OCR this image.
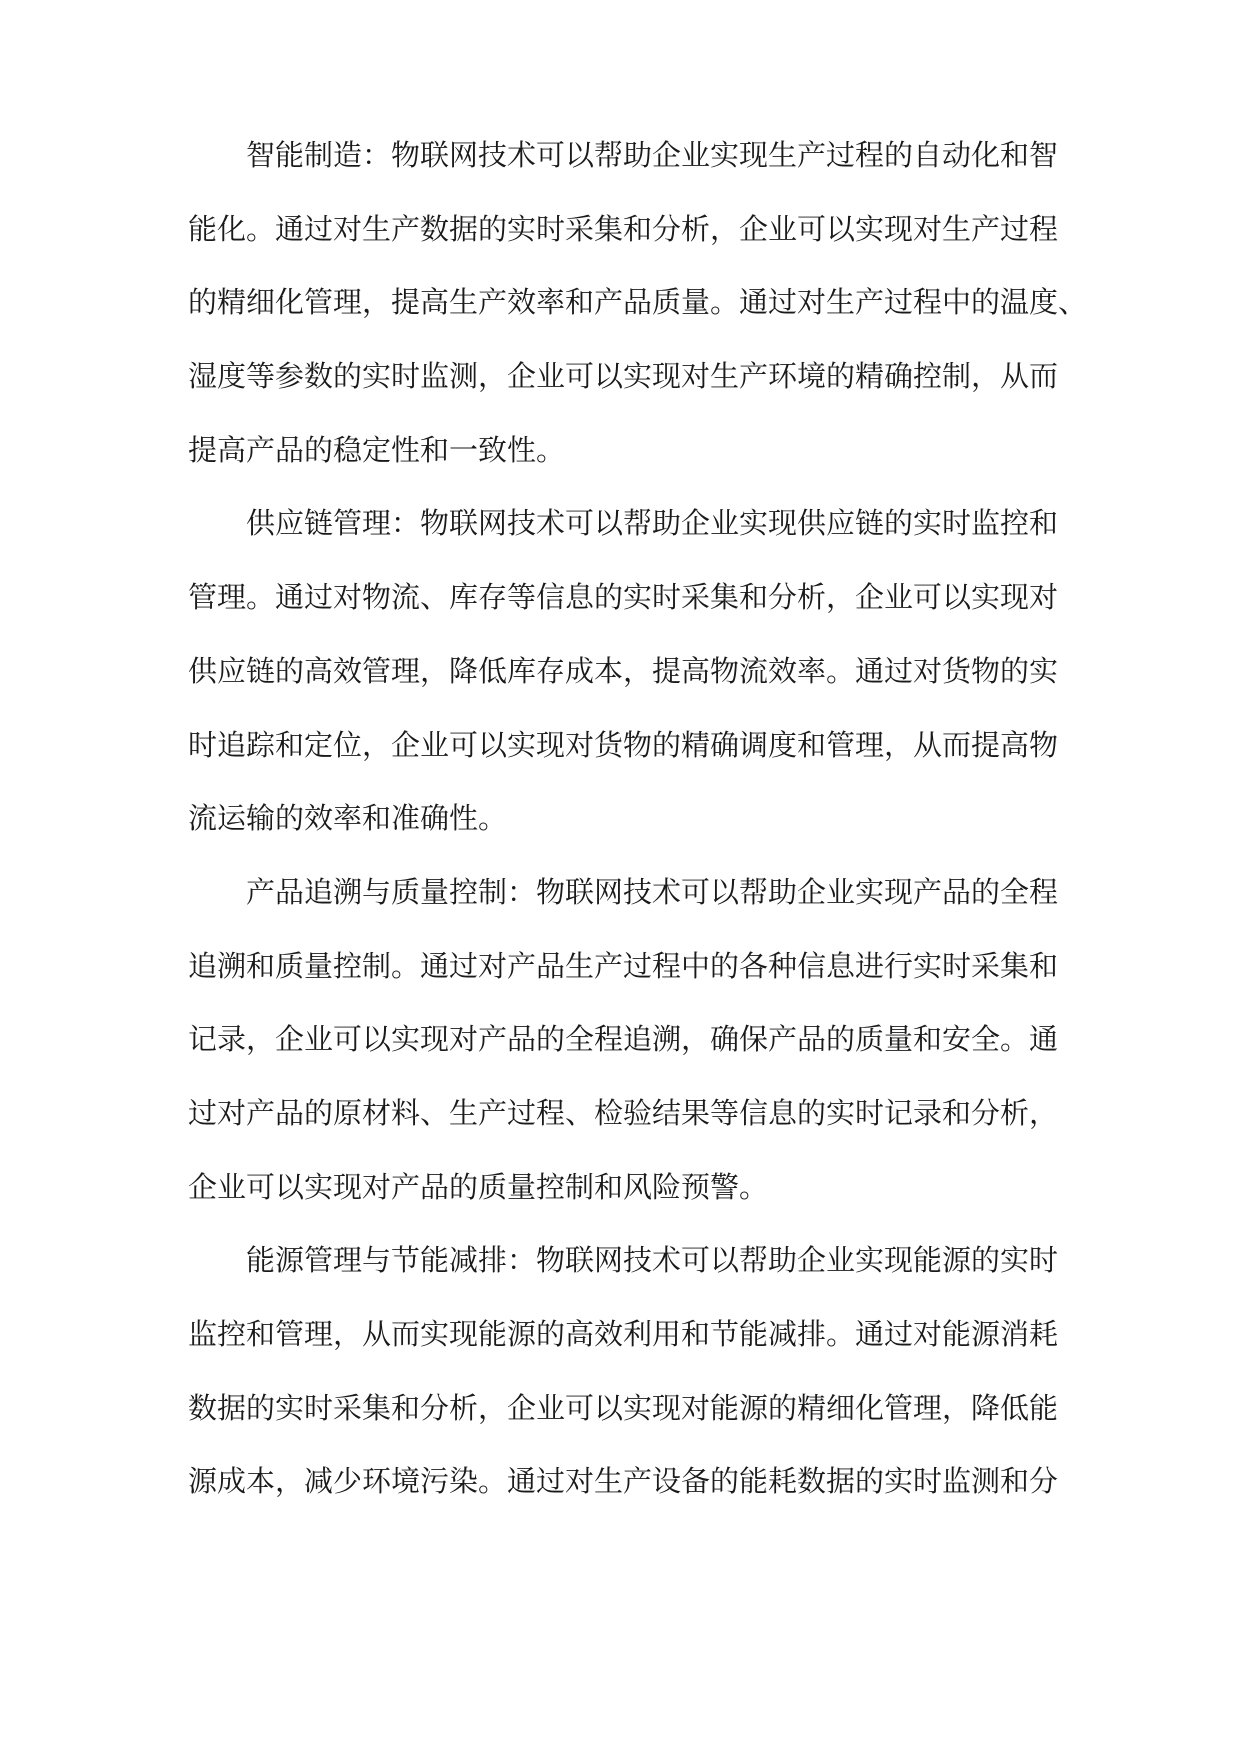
智能制造：物联网技术可以帮助企业实现生产过程的自动化和智
能化。通过对生产数据的实时采集和分析，企业可以实现对生产过程
的精细化管理，提高生产效率和产品质量。通过对生产过程中的温度、
湿度等参数的实时监测，企业可以实现对生产环境的精确控制，从而
提高产品的稳定性和一致性。
供应链管理：物联网技术可以帮助企业实现供应链的实时监控和
管理。通过对物流、库存等信息的实时采集和分析，企业可以实现对
供应链的高效管理，降低库存成本，提高物流效率。通过对货物的实
时追踪和定位，企业可以实现对货物的精确调度和管理，从而提高物
流运输的效率和准确性。
产品追溯与质量控制：物联网技术可以帮助企业实现产品的全程
追溯和质量控制。通过对产品生产过程中的各种信息进行实时采集和
记录，企业可以实现对产品的全程追溯，确保产品的质量和安全。通
过对产品的原材料、生产过程、检验结果等信息的实时记录和分析，
企业可以实现对产品的质量控制和风险预警。
能源管理与节能减排：物联网技术可以帮助企业实现能源的实时
监控和管理，从而实现能源的高效利用和节能减排。通过对能源消耗
数据的实时采集和分析，企业可以实现对能源的精细化管理，降低能
源成本，减少环境污染。通过对生产设备的能耗数据的实时监测和分
